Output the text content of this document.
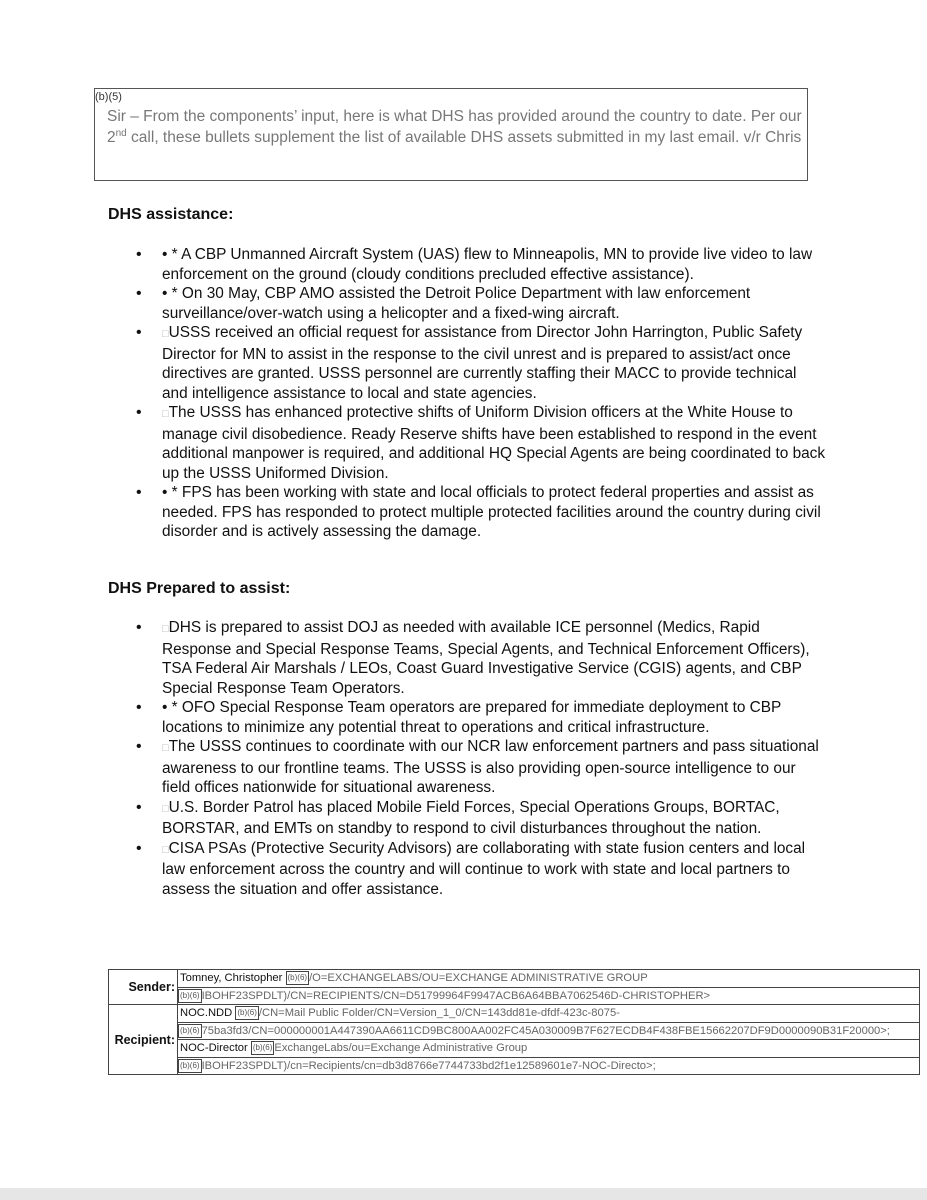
(b)(5)
Sir – From the components’ input, here is what DHS has provided around the country to date. Per our 2nd call, these bullets supplement the list of available DHS assets submitted in my last email. v/r Chris
DHS assistance:
• • * A CBP Unmanned Aircraft System (UAS) flew to Minneapolis, MN to provide live video to law enforcement on the ground (cloudy conditions precluded effective assistance).
• • * On 30 May, CBP AMO assisted the Detroit Police Department with law enforcement surveillance/over-watch using a helicopter and a fixed-wing aircraft.
• □USSS received an official request for assistance from Director John Harrington, Public Safety Director for MN to assist in the response to the civil unrest and is prepared to assist/act once directives are granted. USSS personnel are currently staffing their MACC to provide technical and intelligence assistance to local and state agencies.
• □The USSS has enhanced protective shifts of Uniform Division officers at the White House to manage civil disobedience. Ready Reserve shifts have been established to respond in the event additional manpower is required, and additional HQ Special Agents are being coordinated to back up the USSS Uniformed Division.
• • * FPS has been working with state and local officials to protect federal properties and assist as needed. FPS has responded to protect multiple protected facilities around the country during civil disorder and is actively assessing the damage.
DHS Prepared to assist:
• □DHS is prepared to assist DOJ as needed with available ICE personnel (Medics, Rapid Response and Special Response Teams, Special Agents, and Technical Enforcement Officers), TSA Federal Air Marshals / LEOs, Coast Guard Investigative Service (CGIS) agents, and CBP Special Response Team Operators.
• • * OFO Special Response Team operators are prepared for immediate deployment to CBP locations to minimize any potential threat to operations and critical infrastructure.
• □The USSS continues to coordinate with our NCR law enforcement partners and pass situational awareness to our frontline teams. The USSS is also providing open-source intelligence to our field offices nationwide for situational awareness.
• □U.S. Border Patrol has placed Mobile Field Forces, Special Operations Groups, BORTAC, BORSTAR, and EMTs on standby to respond to civil disturbances throughout the nation.
• □CISA PSAs (Protective Security Advisors) are collaborating with state fusion centers and local law enforcement across the country and will continue to work with state and local partners to assess the situation and offer assistance.
Sender:	Tomney, Christopher (b)(6) /O=EXCHANGELABS/OU=EXCHANGE ADMINISTRATIVE GROUP
(b)(6) IBOHF23SPDLT)/CN=RECIPIENTS/CN=D51799964F9947ACB6A64BBA7062546D-CHRISTOPHER>

Recipient:	NOC.NDD (b)(6) /CN=Mail Public Folder/CN=Version_1_0/CN=143dd81e-dfdf-423c-8075-
(b)(6) 75ba3fd3/CN=000000001A447390AA6611CD9BC800AA002FC45A030009B7F627ECDB4F438FBE15662207DF9D0000090B31F20000>;
NOC-Director (b)(6) ExchangeLabs/ou=Exchange Administrative Group
(b)(6) IBOHF23SPDLT)/cn=Recipients/cn=db3d8766e7744733bd2f1e12589601e7-NOC-Directo>;
